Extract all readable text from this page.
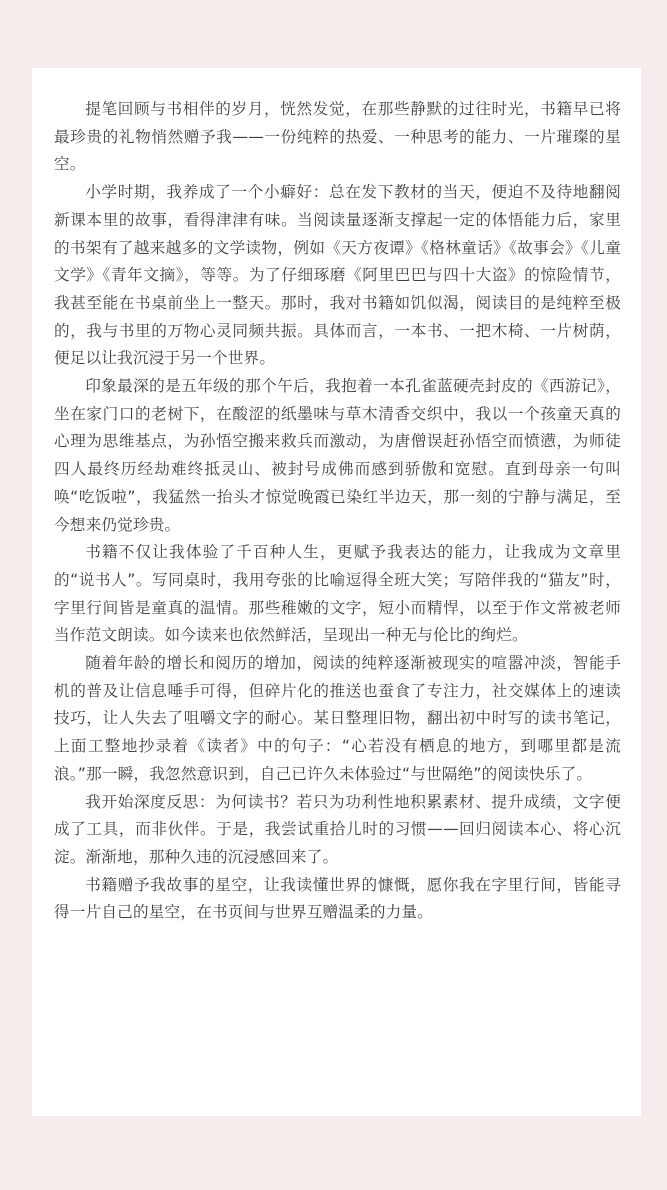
提笔回顾与书相伴的岁月，恍然发觉，在那些静默的过往时光，书籍早已将最珍贵的礼物悄然赠予我——一份纯粹的热爱、一种思考的能力、一片璀璨的星空。

小学时期，我养成了一个小癖好：总在发下教材的当天，便迫不及待地翻阅新课本里的故事，看得津津有味。当阅读量逐渐支撑起一定的体悟能力后，家里的书架有了越来越多的文学读物，例如《天方夜谭》《格林童话》《故事会》《儿童文学》《青年文摘》，等等。为了仔细琢磨《阿里巴巴与四十大盗》的惊险情节，我甚至能在书桌前坐上一整天。那时，我对书籍如饥似渴，阅读目的是纯粹至极的，我与书里的万物心灵同频共振。具体而言，一本书、一把木椅、一片树荫，便足以让我沉浸于另一个世界。

印象最深的是五年级的那个午后，我抱着一本孔雀蓝硬壳封皮的《西游记》，坐在家门口的老树下，在酸涩的纸墨味与草木清香交织中，我以一个孩童天真的心理为思维基点，为孙悟空搬来救兵而激动，为唐僧误赶孙悟空而愤懑，为师徒四人最终历经劫难终抵灵山、被封号成佛而感到骄傲和宽慰。直到母亲一句叫唤“吃饭啦”，我猛然一抬头才惊觉晚霞已染红半边天，那一刻的宁静与满足，至今想来仍觉珍贵。

书籍不仅让我体验了千百种人生，更赋予我表达的能力，让我成为文章里的“说书人”。写同桌时，我用夸张的比喻逗得全班大笑；写陪伴我的“猫友”时，字里行间皆是童真的温情。那些稚嫩的文字，短小而精悍，以至于作文常被老师当作范文朗读。如今读来也依然鲜活，呈现出一种无与伦比的绚烂。

随着年龄的增长和阅历的增加，阅读的纯粹逐渐被现实的喧嚣冲淡，智能手机的普及让信息唾手可得，但碎片化的推送也蚕食了专注力，社交媒体上的速读技巧，让人失去了咀嚼文字的耐心。某日整理旧物，翻出初中时写的读书笔记，上面工整地抄录着《读者》中的句子：“心若没有栖息的地方，到哪里都是流浪。”那一瞬，我忽然意识到，自己已许久未体验过“与世隔绝”的阅读快乐了。

我开始深度反思：为何读书？若只为功利性地积累素材、提升成绩，文字便成了工具，而非伙伴。于是，我尝试重拾儿时的习惯——回归阅读本心、将心沉淀。渐渐地，那种久违的沉浸感回来了。

书籍赠予我故事的星空，让我读懂世界的慷慨，愿你我在字里行间，皆能寻得一片自己的星空，在书页间与世界互赠温柔的力量。
